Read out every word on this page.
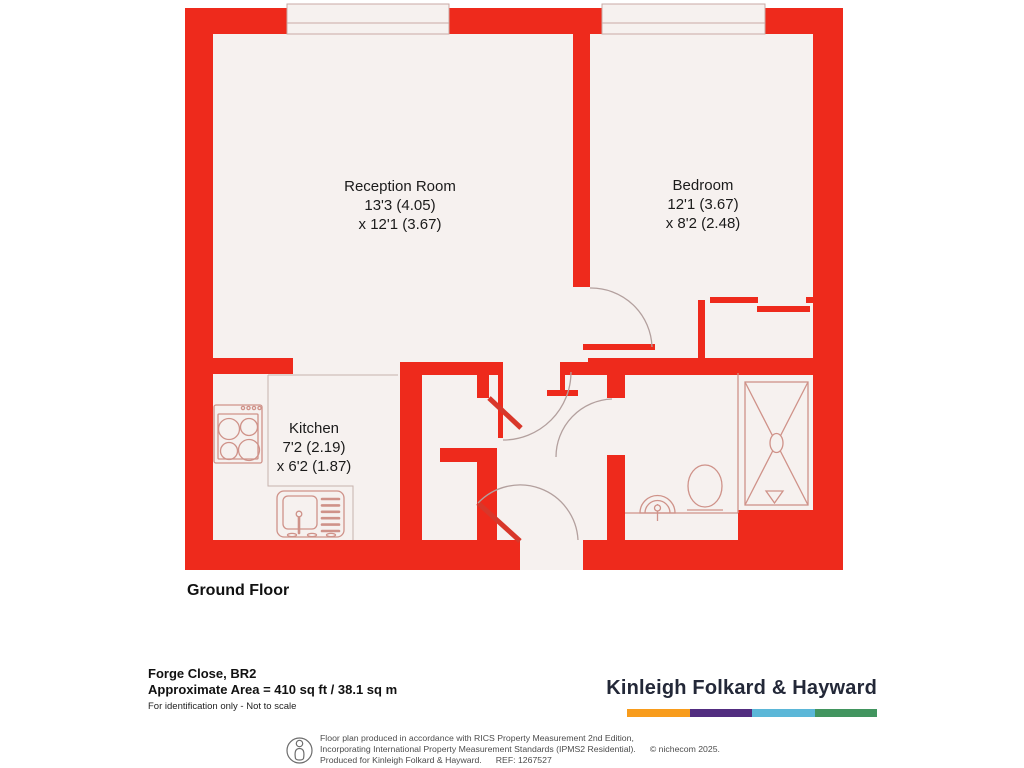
Reception Room
13'3 (4.05)
x 12'1 (3.67)
Bedroom
12'1 (3.67)
x 8'2 (2.48)
Kitchen
7'2 (2.19)
x 6'2 (1.87)
Ground Floor
Forge Close, BR2
Approximate Area = 410 sq ft / 38.1 sq m
For identification only - Not to scale
Kinleigh Folkard & Hayward
Floor plan produced in accordance with RICS Property Measurement 2nd Edition,
Incorporating International Property Measurement Standards (IPMS2 Residential). © nichecom 2025.
Produced for Kinleigh Folkard & Hayward. REF: 1267527
